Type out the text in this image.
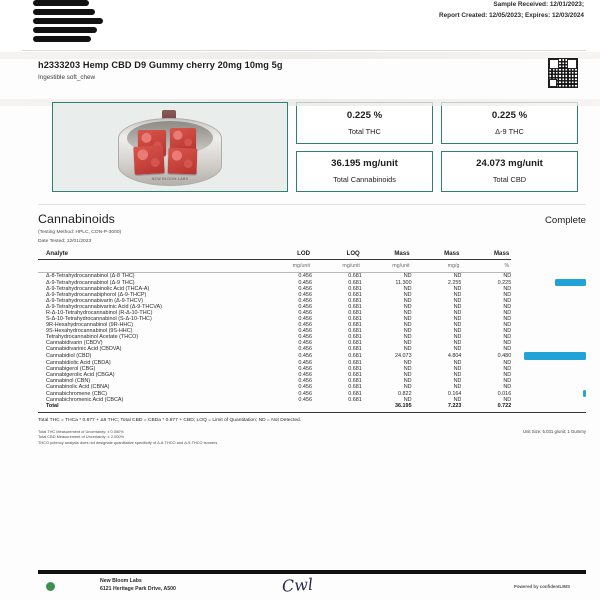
Sample Received: 12/01/2023;
Report Created: 12/05/2023; Expires: 12/03/2024
h2333203 Hemp CBD D9 Gummy cherry 20mg 10mg 5g
Ingestible soft_chew
NEW BLOOM LABS
0.225 %
Total THC
0.225 %
Δ-9 THC
36.195 mg/unit
Total Cannabinoids
24.073 mg/unit
Total CBD
Cannabinoids	Complete
(Testing Method: HPLC, CON-P-3000)
Date Tested: 12/01/2023
Analyte	LOD	LOQ	Mass	Mass	Mass	
	mg/unit	mg/unit	mg/unit	mg/g	%	
Δ-8-Tetrahydrocannabinol (Δ-8 THC)	0.456	0.681	ND	ND	ND	
Δ-9-Tetrahydrocannabinol (Δ-9 THC)	0.456	0.681	11.300	2.255	0.225	
Δ-9-Tetrahydrocannabinolic Acid (THCA-A)	0.456	0.681	ND	ND	ND	
Δ-9-Tetrahydrocannabiphorol (Δ-9-THCP)	0.456	0.681	ND	ND	ND	
Δ-9-Tetrahydrocannabivarin (Δ-9-THCV)	0.456	0.681	ND	ND	ND	
Δ-9-Tetrahydrocannabivarinic Acid (Δ-9-THCVA)	0.456	0.681	ND	ND	ND	
R-Δ-10-Tetrahydrocannabinol (R-Δ-10-THC)	0.456	0.681	ND	ND	ND	
S-Δ-10-Tetrahydrocannabinol (S-Δ-10-THC)	0.456	0.681	ND	ND	ND	
9R-Hexahydrocannabinol (9R-HHC)	0.456	0.681	ND	ND	ND	
9S-Hexahydrocannabinol (9S-HHC)	0.456	0.681	ND	ND	ND	
Tetrahydrocannabinol Acetate (THCO)	0.456	0.681	ND	ND	ND	
Cannabidivarin (CBDV)	0.456	0.681	ND	ND	ND	
Cannabidivarinic Acid (CBDVA)	0.456	0.681	ND	ND	ND	
Cannabidiol (CBD)	0.456	0.681	24.073	4.804	0.480	
Cannabidiolic Acid (CBDA)	0.456	0.681	ND	ND	ND	
Cannabigerol (CBG)	0.456	0.681	ND	ND	ND	
Cannabigerolic Acid (CBGA)	0.456	0.681	ND	ND	ND	
Cannabinol (CBN)	0.456	0.681	ND	ND	ND	
Cannabinolic Acid (CBNA)	0.456	0.681	ND	ND	ND	
Cannabichromene (CBC)	0.456	0.681	0.822	0.164	0.016	
Cannabichromenic Acid (CBCA)	0.456	0.681	ND	ND	ND	
Total			36.195	7.223	0.722	
Total THC = THCa * 0.877 + Δ9 THC; Total CBD = CBDa * 0.877 + CBD; LOQ = Limit of Quantitation; ND = Not Detected.
Total THC Measurement of Uncertainty: ± 0.050%
Total CBD Measurement of Uncertainty: ± 2.000%
THCO potency analysis does not designate quantitative specificity of Δ-8-THCO and Δ-9-THCO isomers
Unit Size: 5.031 g/unit; 1 Gummy
New Bloom Labs
6121 Heritage Park Drive, A500	Cwl	Powered by confidentLIMS
